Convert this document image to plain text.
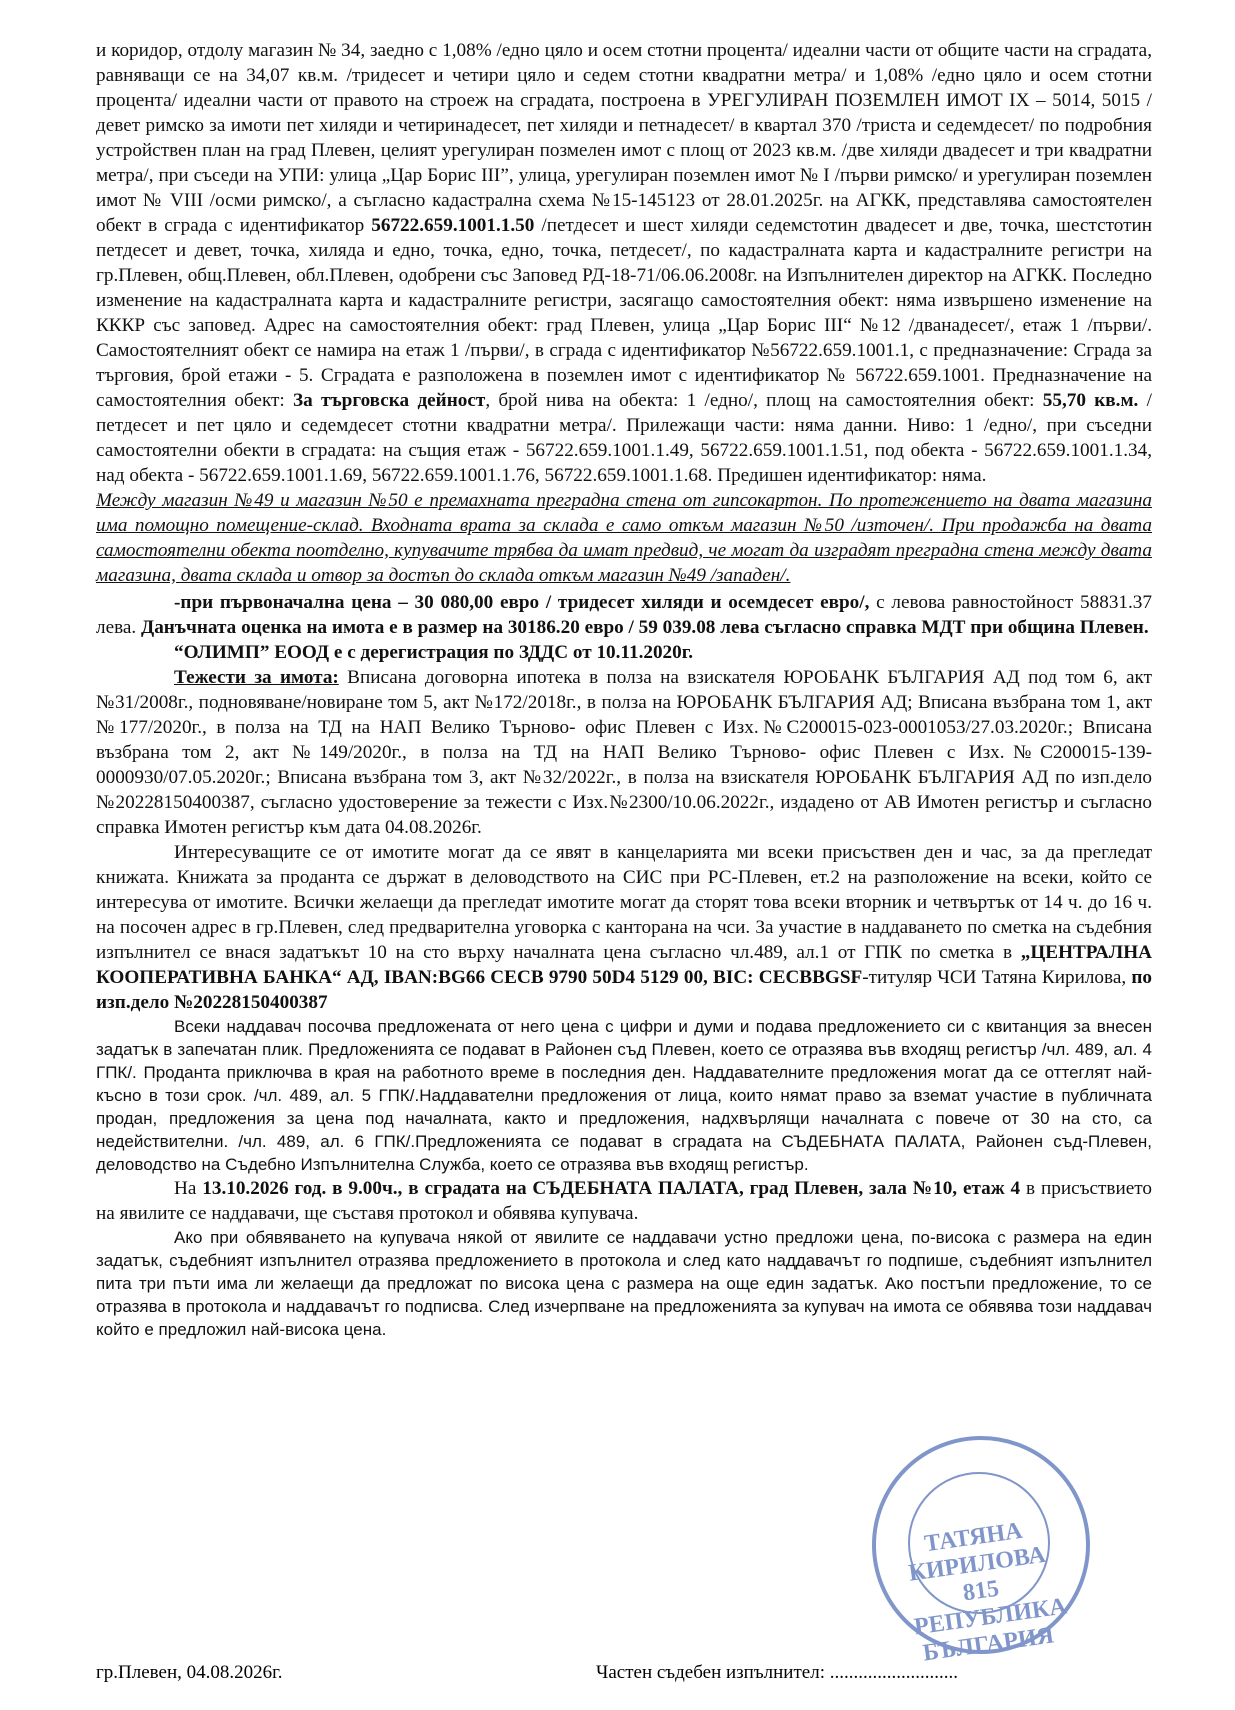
и коридор, отдолу магазин № 34, заедно с 1,08% /едно цяло и осем стотни процента/ идеални части от общите части на сградата, равняващи се на 34,07 кв.м. /тридесет и четири цяло и седем стотни квадратни метра/ и 1,08% /едно цяло и осем стотни процента/ идеални части от правото на строеж на сградата, построена в УРЕГУЛИРАН ПОЗЕМЛЕН ИМОТ IX – 5014, 5015 /девет римско за имоти пет хиляди и четиринадесет, пет хиляди и петнадесет/ в квартал 370 /триста и седемдесет/ по подробния устройствен план на град Плевен, целият урегулиран позмелен имот с площ от 2023 кв.м. /две хиляди двадесет и три квадратни метра/, при съседи на УПИ: улица „Цар Борис III”, улица, урегулиран поземлен имот № I /първи римско/ и урегулиран поземлен имот № VIII /осми римско/, а съгласно кадастрална схема №15-145123 от 28.01.2025г. на АГКК, представлява самостоятелен обект в сграда с идентификатор 56722.659.1001.1.50 /петдесет и шест хиляди седемстотин двадесет и две, точка, шестстотин петдесет и девет, точка, хиляда и едно, точка, едно, точка, петдесет/, по кадастралната карта и кадастралните регистри на гр.Плевен, общ.Плевен, обл.Плевен, одобрени със Заповед РД-18-71/06.06.2008г. на Изпълнителен директор на АГКК. Последно изменение на кадастралната карта и кадастралните регистри, засягащо самостоятелния обект: няма извършено изменение на КККР със заповед. Адрес на самостоятелния обект: град Плевен, улица „Цар Борис III“ №12 /дванадесет/, етаж 1 /първи/. Самостоятелният обект се намира на етаж 1 /първи/, в сграда с идентификатор №56722.659.1001.1, с предназначение: Сграда за търговия, брой етажи - 5. Сградата е разположена в поземлен имот с идентификатор № 56722.659.1001. Предназначение на самостоятелния обект: За търговска дейност, брой нива на обекта: 1 /едно/, площ на самостоятелния обект: 55,70 кв.м. /петдесет и пет цяло и седемдесет стотни квадратни метра/. Прилежащи части: няма данни. Ниво: 1 /едно/, при съседни самостоятелни обекти в сградата: на същия етаж - 56722.659.1001.1.49, 56722.659.1001.1.51, под обекта - 56722.659.1001.1.34, над обекта - 56722.659.1001.1.69, 56722.659.1001.1.76, 56722.659.1001.1.68. Предишен идентификатор: няма.

Между магазин №49 и магазин №50 е премахната преградна стена от гипсокартон. По протежението на двата магазина има помощно помещение-склад. Входната врата за склада е само откъм магазин №50 /източен/. При продажба на двата самостоятелни обекта поотделно, купувачите трябва да имат предвид, че могат да изградят преградна стена между двата магазина, двата склада и отвор за достъп до склада откъм магазин №49 /западен/.

-при първоначална цена – 30 080,00 евро / тридесет хиляди и осемдесет евро/, с левова равностойност 58831.37 лева. Данъчната оценка на имота е в размер на 30186.20 евро / 59 039.08 лева съгласно справка МДТ при община Плевен.

“ОЛИМП” ЕООД е с дерегистрация по ЗДДС от 10.11.2020г.

Тежести за имота: Вписана договорна ипотека в полза на взискателя ЮРОБАНК БЪЛГАРИЯ АД под том 6, акт №31/2008г., подновяване/новиране том 5, акт №172/2018г., в полза на ЮРОБАНК БЪЛГАРИЯ АД; Вписана възбрана том 1, акт №177/2020г., в полза на ТД на НАП Велико Търново- офис Плевен с Изх.№С200015-023-0001053/27.03.2020г.; Вписана възбрана том 2, акт №149/2020г., в полза на ТД на НАП Велико Търново- офис Плевен с Изх.№С200015-139-0000930/07.05.2020г.; Вписана възбрана том 3, акт №32/2022г., в полза на взискателя ЮРОБАНК БЪЛГАРИЯ АД по изп.дело №20228150400387, съгласно удостоверение за тежести с Изх.№2300/10.06.2022г., издадено от АВ Имотен регистър и съгласно справка Имотен регистър към дата 04.08.2026г.

Интересуващите се от имотите могат да се явят в канцеларията ми всеки присъствен ден и час, за да прегледат книжата. Книжата за проданта се държат в деловодството на СИС при РС-Плевен, ет.2 на разположение на всеки, който се интересува от имотите. Всички желаещи да прегледат имотите могат да сторят това всеки вторник и четвъртък от 14 ч. до 16 ч. на посочен адрес в гр.Плевен, след предварителна уговорка с канторана на чси. За участие в наддаването по сметка на съдебния изпълнител се внася задатъкът 10 на сто върху началната цена съгласно чл.489, ал.1 от ГПК по сметка в „ЦЕНТРАЛНА КООПЕРАТИВНА БАНКА“ АД, IBAN:BG66 CECB 9790 50D4 5129 00, BIC: CECBBGSF-титуляр ЧСИ Татяна Кирилова, по изп.дело №20228150400387

Всеки наддавач посочва предложената от него цена с цифри и думи и подава предложението си с квитанция за внесен задатък в запечатан плик. Предложенията се подават в Районен съд Плевен, което се отразява във входящ регистър /чл. 489, ал. 4 ГПК/. Проданта приключва в края на работното време в последния ден. Наддавателните предложения могат да се оттеглят най-късно в този срок. /чл. 489, ал. 5 ГПК/.Наддавателни предложения от лица, които нямат право за вземат участие в публичната продан, предложения за цена под началната, както и предложения, надхвърлящи началната с повече от 30 на сто, са недействителни. /чл. 489, ал. 6 ГПК/.Предложенията се подават в сградата на СЪДЕБНАТА ПАЛАТА, Районен съд-Плевен, деловодство на Съдебно Изпълнителна Служба, което се отразява във входящ регистър.

На 13.10.2026 год. в 9.00ч., в сградата на СЪДЕБНАТА ПАЛАТА, град Плевен, зала №10, етаж 4 в присъствието на явилите се наддавачи, ще съставя протокол и обявява купувача.

Ако при обявяването на купувача някой от явилите се наддавачи устно предложи цена, по-висока с размера на един задатък, съдебният изпълнител отразява предложението в протокола и след като наддавачът го подпише, съдебният изпълнител пита три пъти има ли желаещи да предложат по висока цена с размера на още един задатък. Ако постъпи предложение, то се отразява в протокола и наддавачът го подписва. След изчерпване на предложенията за купувач на имота се обявява този наддавач който е предложил най-висока цена.

ТАТЯНА КИРИЛОВА 815 РЕПУБЛИКА БЪЛГАРИЯ
гр.Плевен, 04.08.2026г.	Частен съдебен изпълнител: ...........................
